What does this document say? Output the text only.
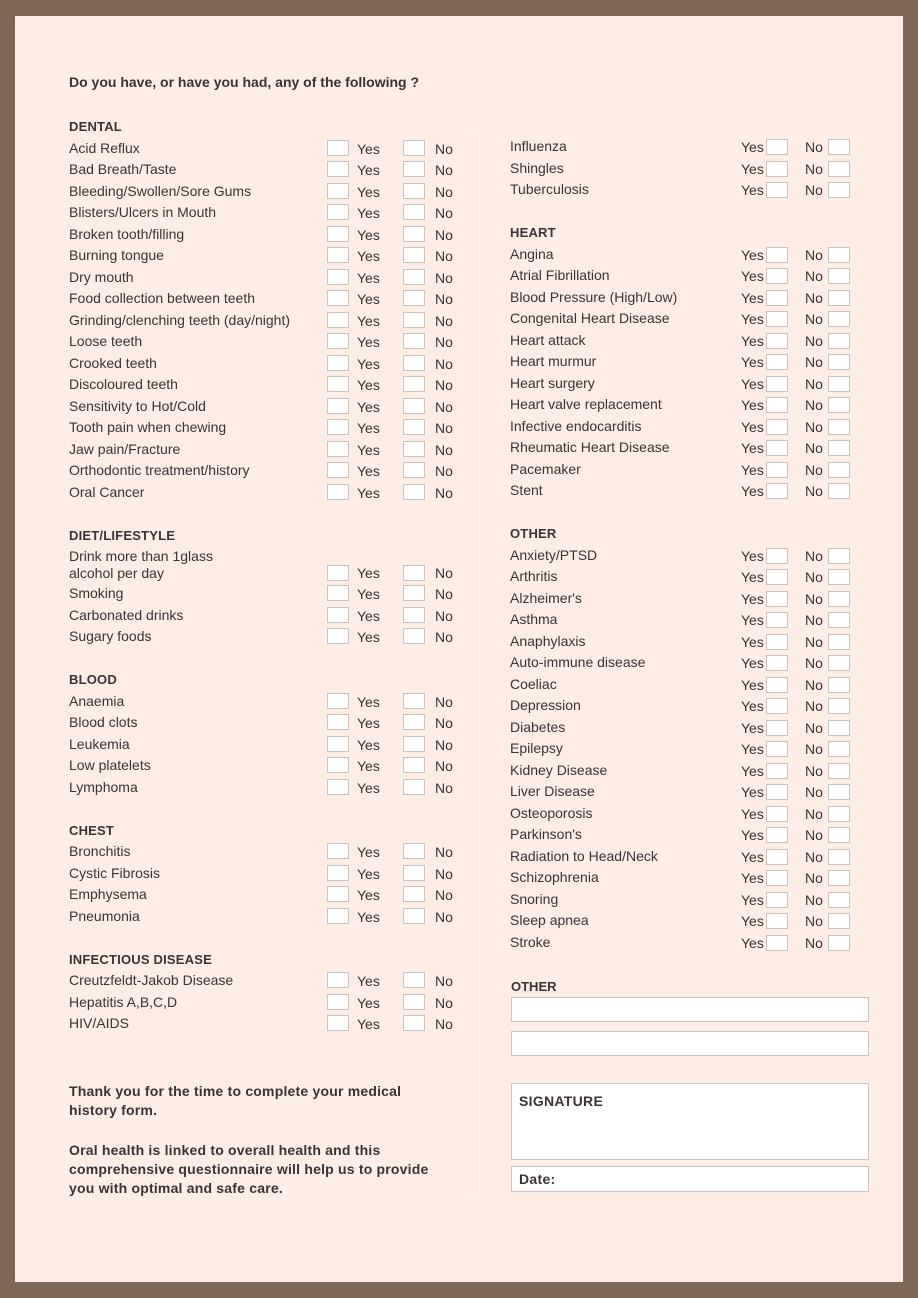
Do you have, or have you had, any of the following ?
DENTAL
Acid Reflux	Yes	No
Bad Breath/Taste	Yes	No
Bleeding/Swollen/Sore Gums	Yes	No
Blisters/Ulcers in Mouth	Yes	No
Broken tooth/filling	Yes	No
Burning tongue	Yes	No
Dry mouth	Yes	No
Food collection between teeth	Yes	No
Grinding/clenching teeth (day/night)	Yes	No
Loose teeth	Yes	No
Crooked teeth	Yes	No
Discoloured teeth	Yes	No
Sensitivity to Hot/Cold	Yes	No
Tooth pain when chewing	Yes	No
Jaw pain/Fracture	Yes	No
Orthodontic treatment/history	Yes	No
Oral Cancer	Yes	No
DIET/LIFESTYLE
Drink more than 1glass alcohol per day	Yes	No
Smoking	Yes	No
Carbonated drinks	Yes	No
Sugary foods	Yes	No
BLOOD
Anaemia	Yes	No
Blood clots	Yes	No
Leukemia	Yes	No
Low platelets	Yes	No
Lymphoma	Yes	No
CHEST
Bronchitis	Yes	No
Cystic Fibrosis	Yes	No
Emphysema	Yes	No
Pneumonia	Yes	No
INFECTIOUS DISEASE
Creutzfeldt-Jakob Disease	Yes	No
Hepatitis A,B,C,D	Yes	No
HIV/AIDS	Yes	No
Influenza	Yes	No
Shingles	Yes	No
Tuberculosis	Yes	No
HEART
Angina	Yes	No
Atrial Fibrillation	Yes	No
Blood Pressure (High/Low)	Yes	No
Congenital Heart Disease	Yes	No
Heart attack	Yes	No
Heart murmur	Yes	No
Heart surgery	Yes	No
Heart valve replacement	Yes	No
Infective endocarditis	Yes	No
Rheumatic Heart Disease	Yes	No
Pacemaker	Yes	No
Stent	Yes	No
OTHER
Anxiety/PTSD	Yes	No
Arthritis	Yes	No
Alzheimer's	Yes	No
Asthma	Yes	No
Anaphylaxis	Yes	No
Auto-immune disease	Yes	No
Coeliac	Yes	No
Depression	Yes	No
Diabetes	Yes	No
Epilepsy	Yes	No
Kidney Disease	Yes	No
Liver Disease	Yes	No
Osteoporosis	Yes	No
Parkinson's	Yes	No
Radiation to Head/Neck	Yes	No
Schizophrenia	Yes	No
Snoring	Yes	No
Sleep apnea	Yes	No
Stroke	Yes	No
OTHER
SIGNATURE
Date:

Thank you for the time to complete your medical history form.

Oral health is linked to overall health and this comprehensive questionnaire will help us to provide you with optimal and safe care.
